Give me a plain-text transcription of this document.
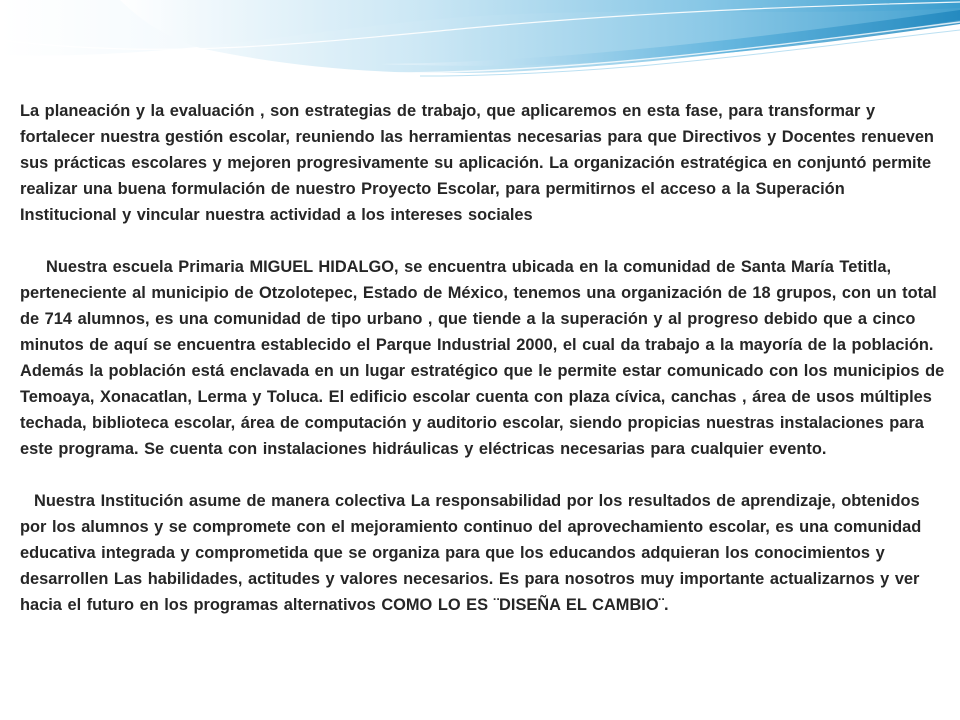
La planeación y la evaluación , son estrategias de trabajo, que aplicaremos en esta fase, para transformar y fortalecer nuestra gestión escolar, reuniendo las herramientas necesarias para que Directivos y Docentes renueven sus prácticas escolares y mejoren progresivamente su aplicación. La organización estratégica en conjuntó permite realizar una buena formulación de nuestro Proyecto Escolar, para permitirnos el acceso a la Superación Institucional y vincular nuestra actividad a los intereses sociales

Nuestra escuela Primaria MIGUEL HIDALGO, se encuentra ubicada en la comunidad de Santa María Tetitla, perteneciente al municipio de Otzolotepec, Estado de México, tenemos una organización de 18 grupos, con un total de 714 alumnos, es una comunidad de tipo urbano , que tiende a la superación y al progreso debido que a cinco minutos de aquí se encuentra establecido el Parque Industrial 2000, el cual da trabajo a la mayoría de la población. Además la población está enclavada en un lugar estratégico que le permite estar comunicado con los municipios de Temoaya, Xonacatlan, Lerma y Toluca. El edificio escolar cuenta con plaza cívica, canchas , área de usos múltiples techada, biblioteca escolar, área de computación y auditorio escolar, siendo propicias nuestras instalaciones para este programa. Se cuenta con instalaciones hidráulicas y eléctricas necesarias para cualquier evento.

Nuestra Institución asume de manera colectiva La responsabilidad por los resultados de aprendizaje, obtenidos por los alumnos y se compromete con el mejoramiento continuo del aprovechamiento escolar, es una comunidad educativa integrada y comprometida que se organiza para que los educandos adquieran los conocimientos y desarrollen Las habilidades, actitudes y valores necesarios. Es para nosotros muy importante actualizarnos y ver hacia el futuro en los programas alternativos COMO LO ES ¨DISEÑA EL CAMBIO¨.
